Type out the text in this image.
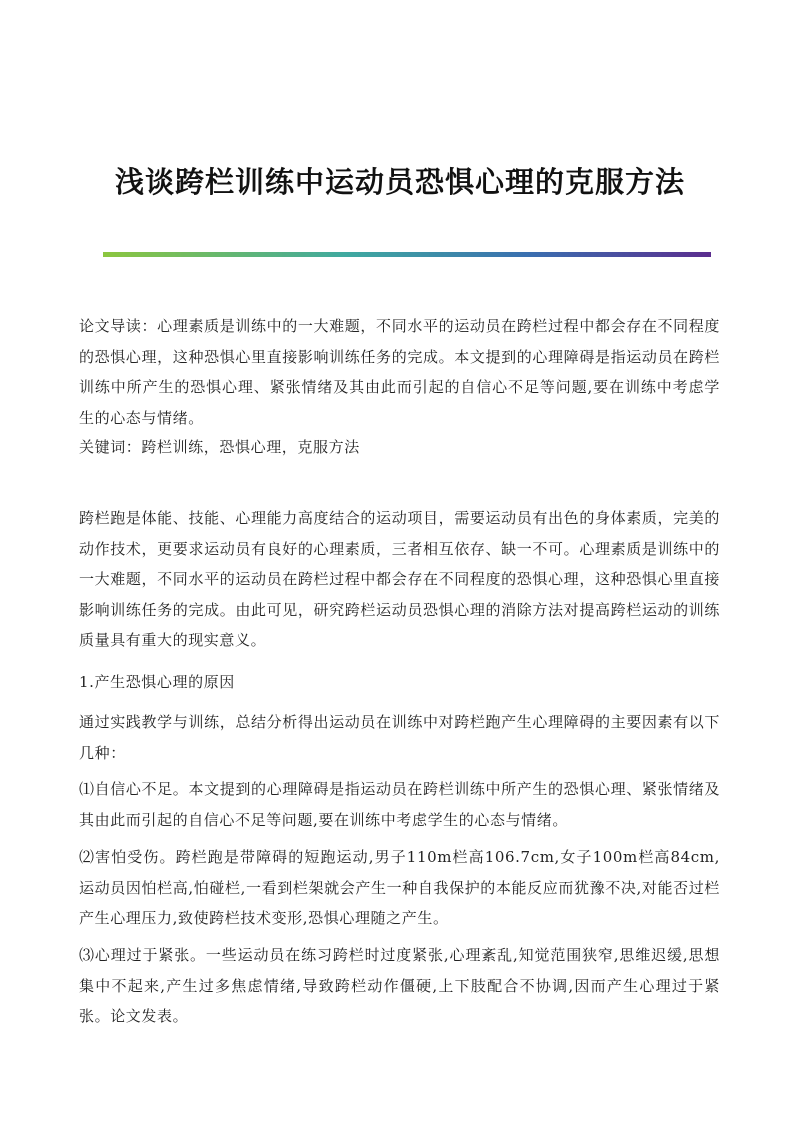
浅谈跨栏训练中运动员恐惧心理的克服方法

论文导读：心理素质是训练中的一大难题，不同水平的运动员在跨栏过程中都会存在不同程度的恐惧心理，这种恐惧心里直接影响训练任务的完成。本文提到的心理障碍是指运动员在跨栏训练中所产生的恐惧心理、紧张情绪及其由此而引起的自信心不足等问题,要在训练中考虑学生的心态与情绪。

关键词：跨栏训练，恐惧心理，克服方法

跨栏跑是体能、技能、心理能力高度结合的运动项目，需要运动员有出色的身体素质，完美的动作技术，更要求运动员有良好的心理素质，三者相互依存、缺一不可。心理素质是训练中的一大难题，不同水平的运动员在跨栏过程中都会存在不同程度的恐惧心理，这种恐惧心里直接影响训练任务的完成。由此可见，研究跨栏运动员恐惧心理的消除方法对提高跨栏运动的训练质量具有重大的现实意义。

1.产生恐惧心理的原因

通过实践教学与训练，总结分析得出运动员在训练中对跨栏跑产生心理障碍的主要因素有以下几种：

⑴自信心不足。本文提到的心理障碍是指运动员在跨栏训练中所产生的恐惧心理、紧张情绪及其由此而引起的自信心不足等问题,要在训练中考虑学生的心态与情绪。

⑵害怕受伤。跨栏跑是带障碍的短跑运动,男子110m栏高106.7cm,女子100m栏高84cm,运动员因怕栏高,怕碰栏,一看到栏架就会产生一种自我保护的本能反应而犹豫不决,对能否过栏产生心理压力,致使跨栏技术变形,恐惧心理随之产生。

⑶心理过于紧张。一些运动员在练习跨栏时过度紧张,心理紊乱,知觉范围狭窄,思维迟缓,思想集中不起来,产生过多焦虑情绪,导致跨栏动作僵硬,上下肢配合不协调,因而产生心理过于紧张。论文发表。
